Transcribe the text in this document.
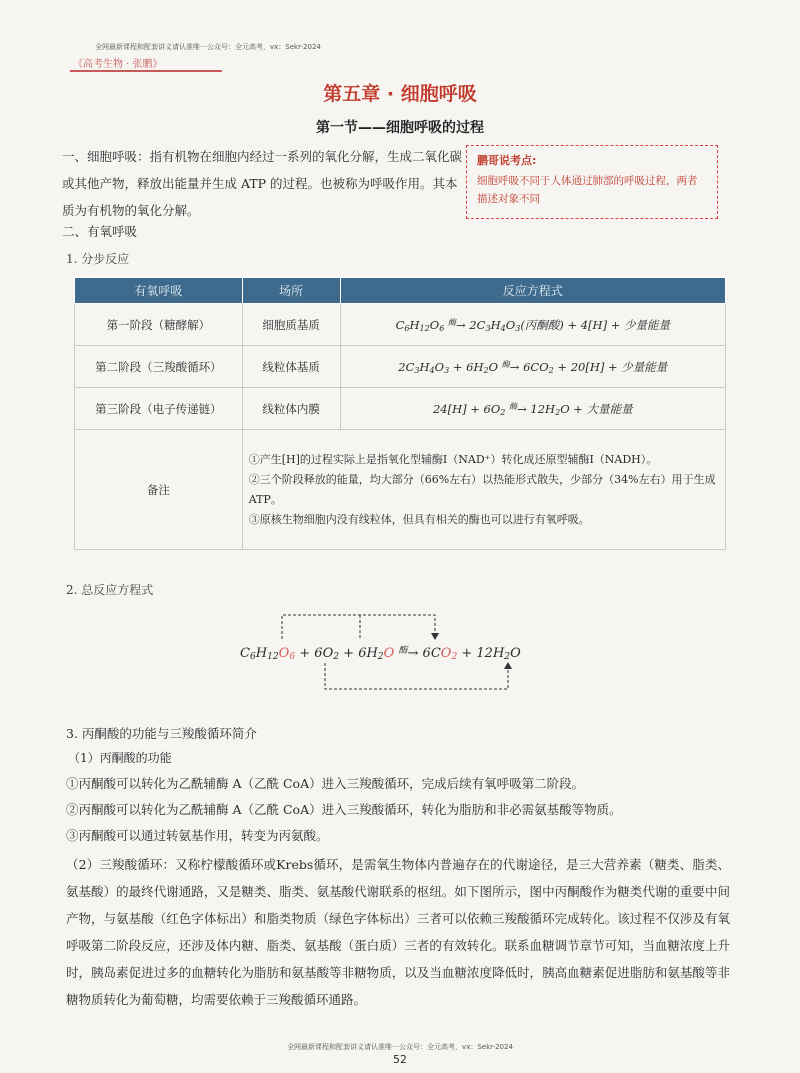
全网最新课程和配套讲义请认准唯一公众号：全元高考，vx：Sekr-2024
《高考生物 · 张鹏》
第五章 · 细胞呼吸
第一节——细胞呼吸的过程
一、细胞呼吸：指有机物在细胞内经过一系列的氧化分解，生成二氧化碳或其他产物，释放出能量并生成 ATP 的过程。也被称为呼吸作用。其本质为有机物的氧化分解。
鹏哥说考点:
细胞呼吸不同于人体通过肺部的呼吸过程，两者描述对象不同
二、有氧呼吸
1. 分步反应
有氧呼吸	场所	反应方程式
第一阶段（糖酵解）	细胞质基质	$C_6H_{12}O_6$ $^酶\to 2C_3H_4O_3$(丙酮酸) + 4[H] + 少量能量
第二阶段（三羧酸循环）	线粒体基质	$2C_3H_4O_3 + 6H_2O$ $^酶\to 6CO_2 + 20[H]$ + 少量能量
第三阶段（电子传递链）	线粒体内膜	$24[H] + 6O_2$ $^酶\to 12H_2O$ + 大量能量
备注	①产生[H]的过程实际上是指氧化型辅酶Ⅰ（NAD⁺）转化成还原型辅酶Ⅰ（NADH）。
②三个阶段释放的能量，均大部分（66%左右）以热能形式散失，少部分（34%左右）用于生成 ATP。
③原核生物细胞内没有线粒体，但具有相关的酶也可以进行有氧呼吸。	
2. 总反应方程式
$C_6H_{12}O_6 + 6O_2 + 6H_2O$ $^酶\to 6CO_2 + 12H_2O$
3. 丙酮酸的功能与三羧酸循环简介
（1）丙酮酸的功能
①丙酮酸可以转化为乙酰辅酶 A（乙酰 CoA）进入三羧酸循环，完成后续有氧呼吸第二阶段。
②丙酮酸可以转化为乙酰辅酶 A（乙酰 CoA）进入三羧酸循环，转化为脂肪和非必需氨基酸等物质。
③丙酮酸可以通过转氨基作用，转变为丙氨酸。
（2）三羧酸循环：又称柠檬酸循环或Krebs循环，是需氧生物体内普遍存在的代谢途径，是三大营养素（糖类、脂类、氨基酸）的最终代谢通路，又是糖类、脂类、氨基酸代谢联系的枢纽。如下图所示，图中丙酮酸作为糖类代谢的重要中间产物，与氨基酸（红色字体标出）和脂类物质（绿色字体标出）三者可以依赖三羧酸循环完成转化。该过程不仅涉及有氧呼吸第二阶段反应，还涉及体内糖、脂类、氨基酸（蛋白质）三者的有效转化。联系血糖调节章节可知，当血糖浓度上升时，胰岛素促进过多的血糖转化为脂肪和氨基酸等非糖物质，以及当血糖浓度降低时，胰高血糖素促进脂肪和氨基酸等非糖物质转化为葡萄糖，均需要依赖于三羧酸循环通路。
全网最新课程和配套讲义请认准唯一公众号：全元高考，vx：Sekr-2024
52
